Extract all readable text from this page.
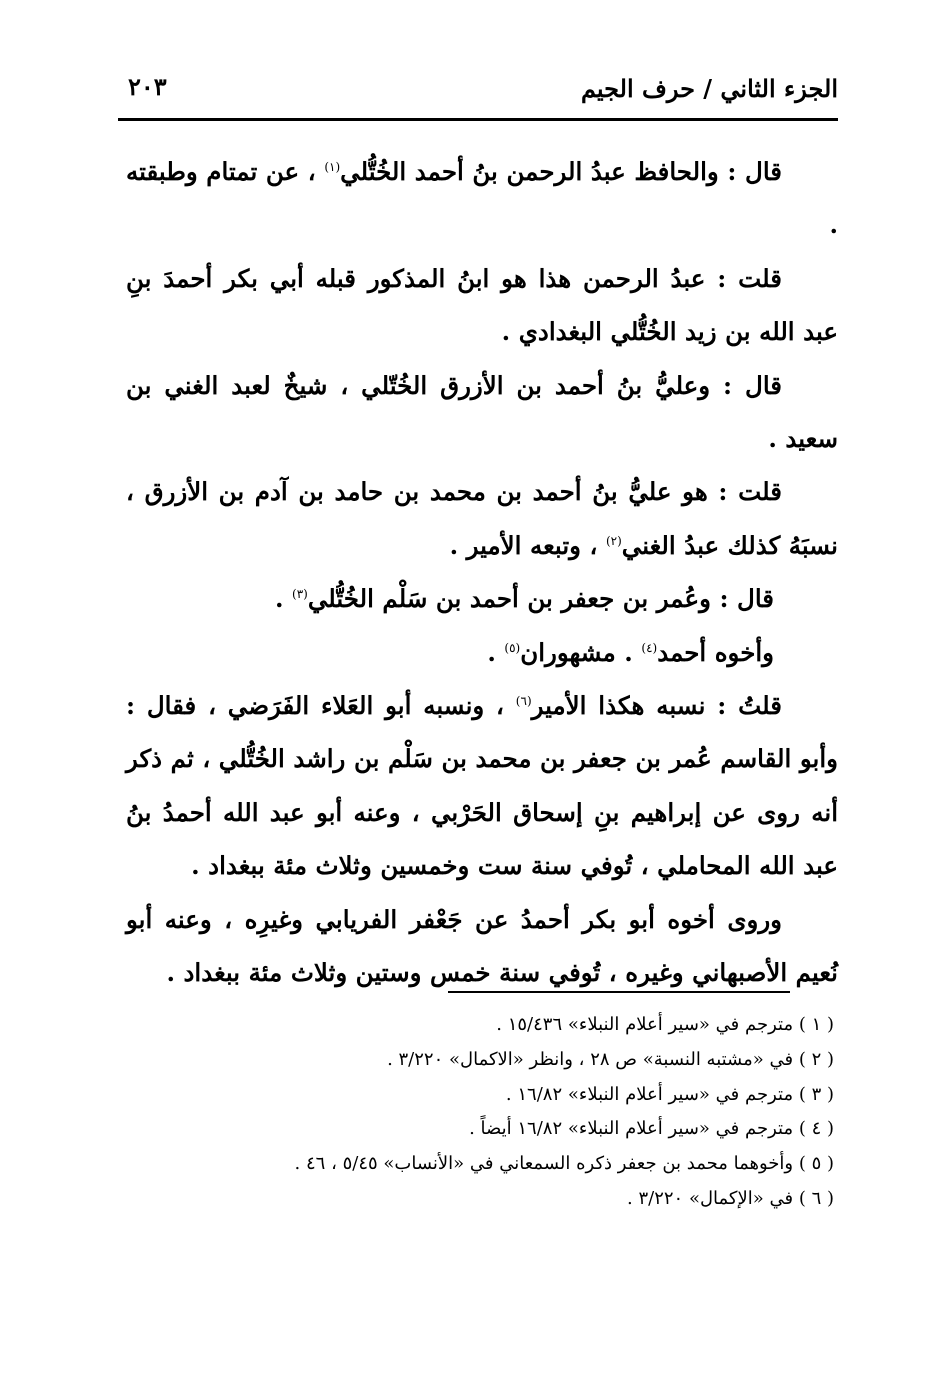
الجزء الثاني / حرف الجيم
٢٠٣

قال : والحافظ عبدُ الرحمن بنُ أحمد الخُتُّلي$^{(١)}$ ، عن تمتام وطبقته .

قلت : عبدُ الرحمن هذا هو ابنُ المذكور قبله أبي بكر أحمدَ بنِ عبد الله بن زيد الخُتُّلي البغدادي .

قال : وعليُّ بنُ أحمد بن الأزرق الخُتّلي ، شيخٌ لعبد الغني بن سعيد .

قلت : هو عليُّ بنُ أحمد بن محمد بن حامد بن آدم بن الأزرق ، نسبَهُ كذلك عبدُ الغني$^{(٢)}$ ، وتبعه الأمير .

قال : وعُمر بن جعفر بن أحمد بن سَلْم الخُتُّلي$^{(٣)}$ .

وأخوه أحمد$^{(٤)}$ . مشهوران$^{(٥)}$ .

قلتُ : نسبه هكذا الأمير$^{(٦)}$ ، ونسبه أبو العَلاء الفَرَضي ، فقال : وأبو القاسم عُمر بن جعفر بن محمد بن سَلْم بن راشد الخُتُّلي ، ثم ذكر أنه روى عن إبراهيم بنِ إسحاق الحَرْبي ، وعنه أبو عبد الله أحمدُ بنُ عبد الله المحاملي ، تُوفي سنة ست وخمسين وثلاث مئة ببغداد .

وروى أخوه أبو بكر أحمدُ عن جَعْفر الفريابي وغيرِه ، وعنه أبو نُعيم الأصبهاني وغيره ، تُوفي سنة خمس وستين وثلاث مئة ببغداد .

( ١ ) مترجم في «سير أعلام النبلاء» ١٥/٤٣٦ .
( ٢ ) في «مشتبه النسبة» ص ٢٨ ، وانظر «الاكمال» ٣/٢٢٠ .
( ٣ ) مترجم في «سير أعلام النبلاء» ١٦/٨٢ .
( ٤ ) مترجم في «سير أعلام النبلاء» ١٦/٨٢ أيضاً .
( ٥ ) وأخوهما محمد بن جعفر ذكره السمعاني في «الأنساب» ٥/٤٥ ، ٤٦ .
( ٦ ) في «الإكمال» ٣/٢٢٠ .
